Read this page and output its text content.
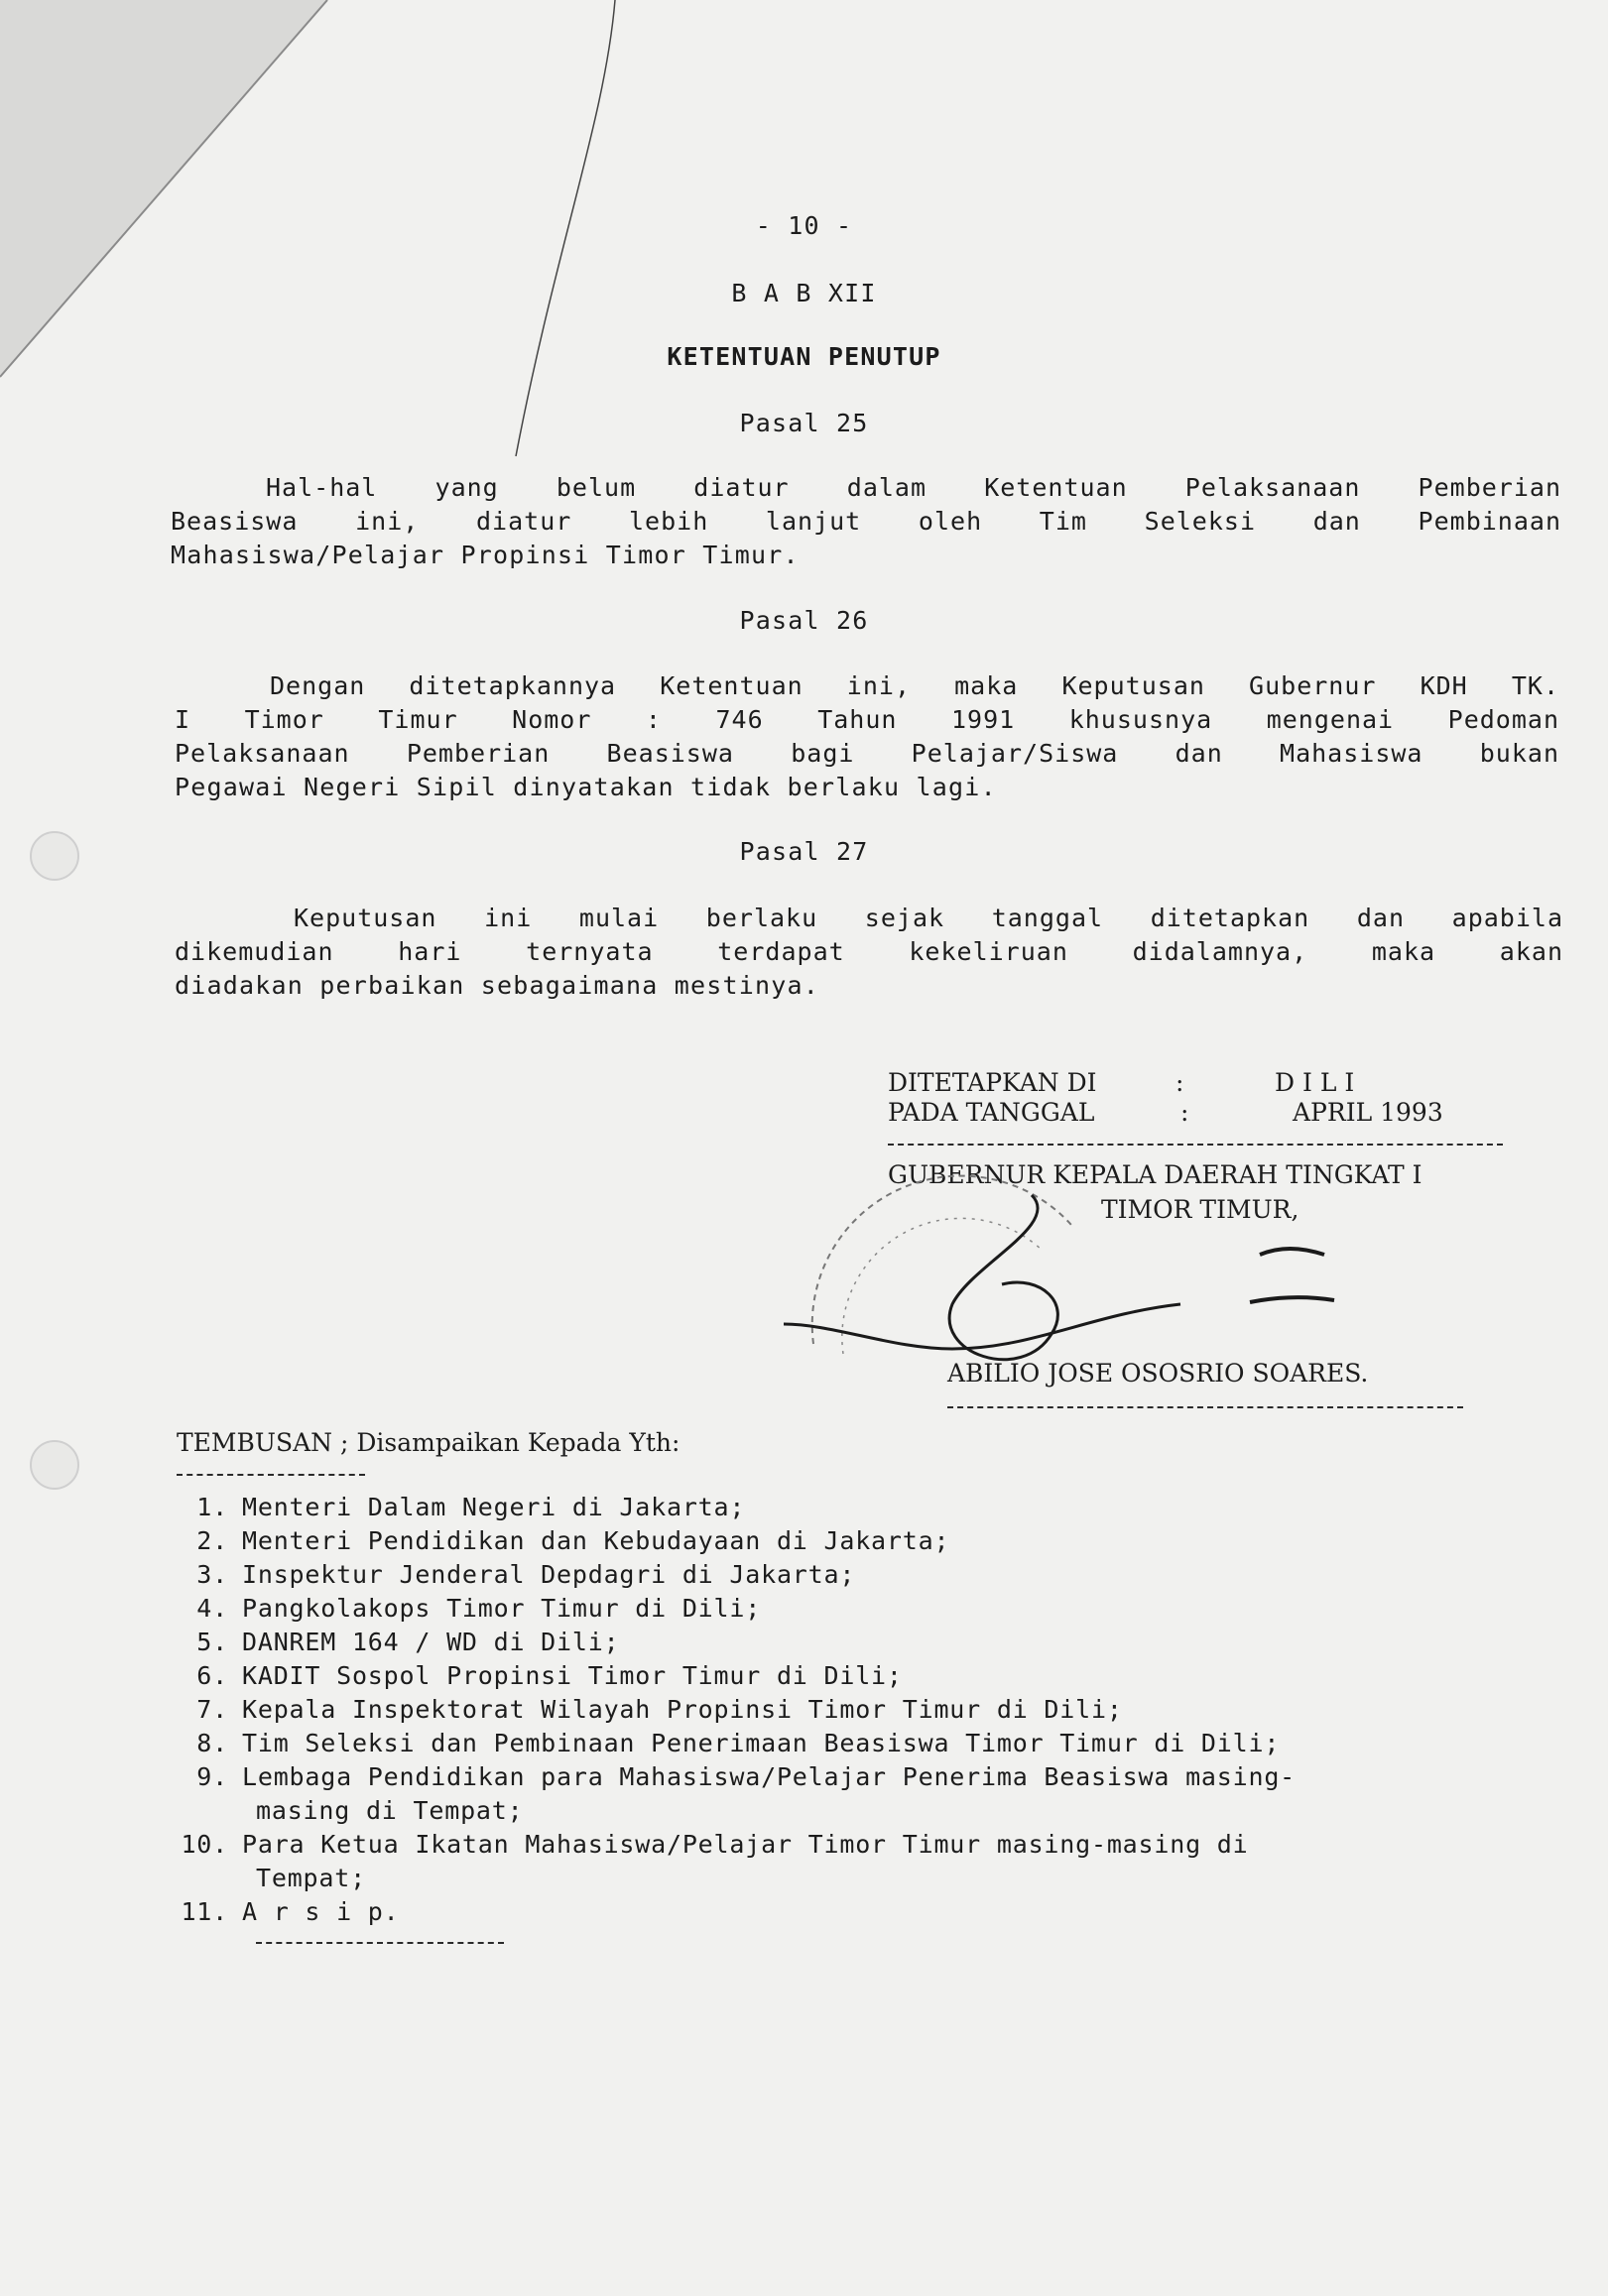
- 10 -
B A B XII
KETENTUAN PENUTUP
Pasal 25
Hal-hal yang belum diatur dalam Ketentuan Pelaksanaan Pemberian
Beasiswa ini, diatur lebih lanjut oleh Tim Seleksi dan Pembinaan
Mahasiswa/Pelajar Propinsi Timor Timur.
Pasal 26
Dengan ditetapkannya Ketentuan ini, maka Keputusan Gubernur KDH TK.
I Timor Timur Nomor : 746 Tahun 1991 khususnya mengenai Pedoman
Pelaksanaan Pemberian Beasiswa bagi Pelajar/Siswa dan Mahasiswa bukan
Pegawai Negeri Sipil dinyatakan tidak berlaku lagi.
Pasal 27
Keputusan ini mulai berlaku sejak tanggal ditetapkan dan apabila
dikemudian hari ternyata terdapat kekeliruan didalamnya, maka akan
diadakan perbaikan sebagaimana mestinya.
DITETAPKAN DI	:	D I L I
PADA TANGGAL	:	APRIL 1993
GUBERNUR KEPALA DAERAH TINGKAT I
TIMOR TIMUR,
ABILIO JOSE OSOSRIO SOARES.
TEMBUSAN ; Disampaikan Kepada Yth:
1. Menteri Dalam Negeri di Jakarta;
2. Menteri Pendidikan dan Kebudayaan di Jakarta;
3. Inspektur Jenderal Depdagri di Jakarta;
4. Pangkolakops Timor Timur di Dili;
5. DANREM 164 / WD di Dili;
6. KADIT Sospol Propinsi Timor Timur di Dili;
7. Kepala Inspektorat Wilayah Propinsi Timor Timur di Dili;
8. Tim Seleksi dan Pembinaan Penerimaan Beasiswa Timor Timur di Dili;
9. Lembaga Pendidikan para Mahasiswa/Pelajar Penerima Beasiswa masing-
masing di Tempat;
10. Para Ketua Ikatan Mahasiswa/Pelajar Timor Timur masing-masing di
Tempat;
11. A r s i p.
